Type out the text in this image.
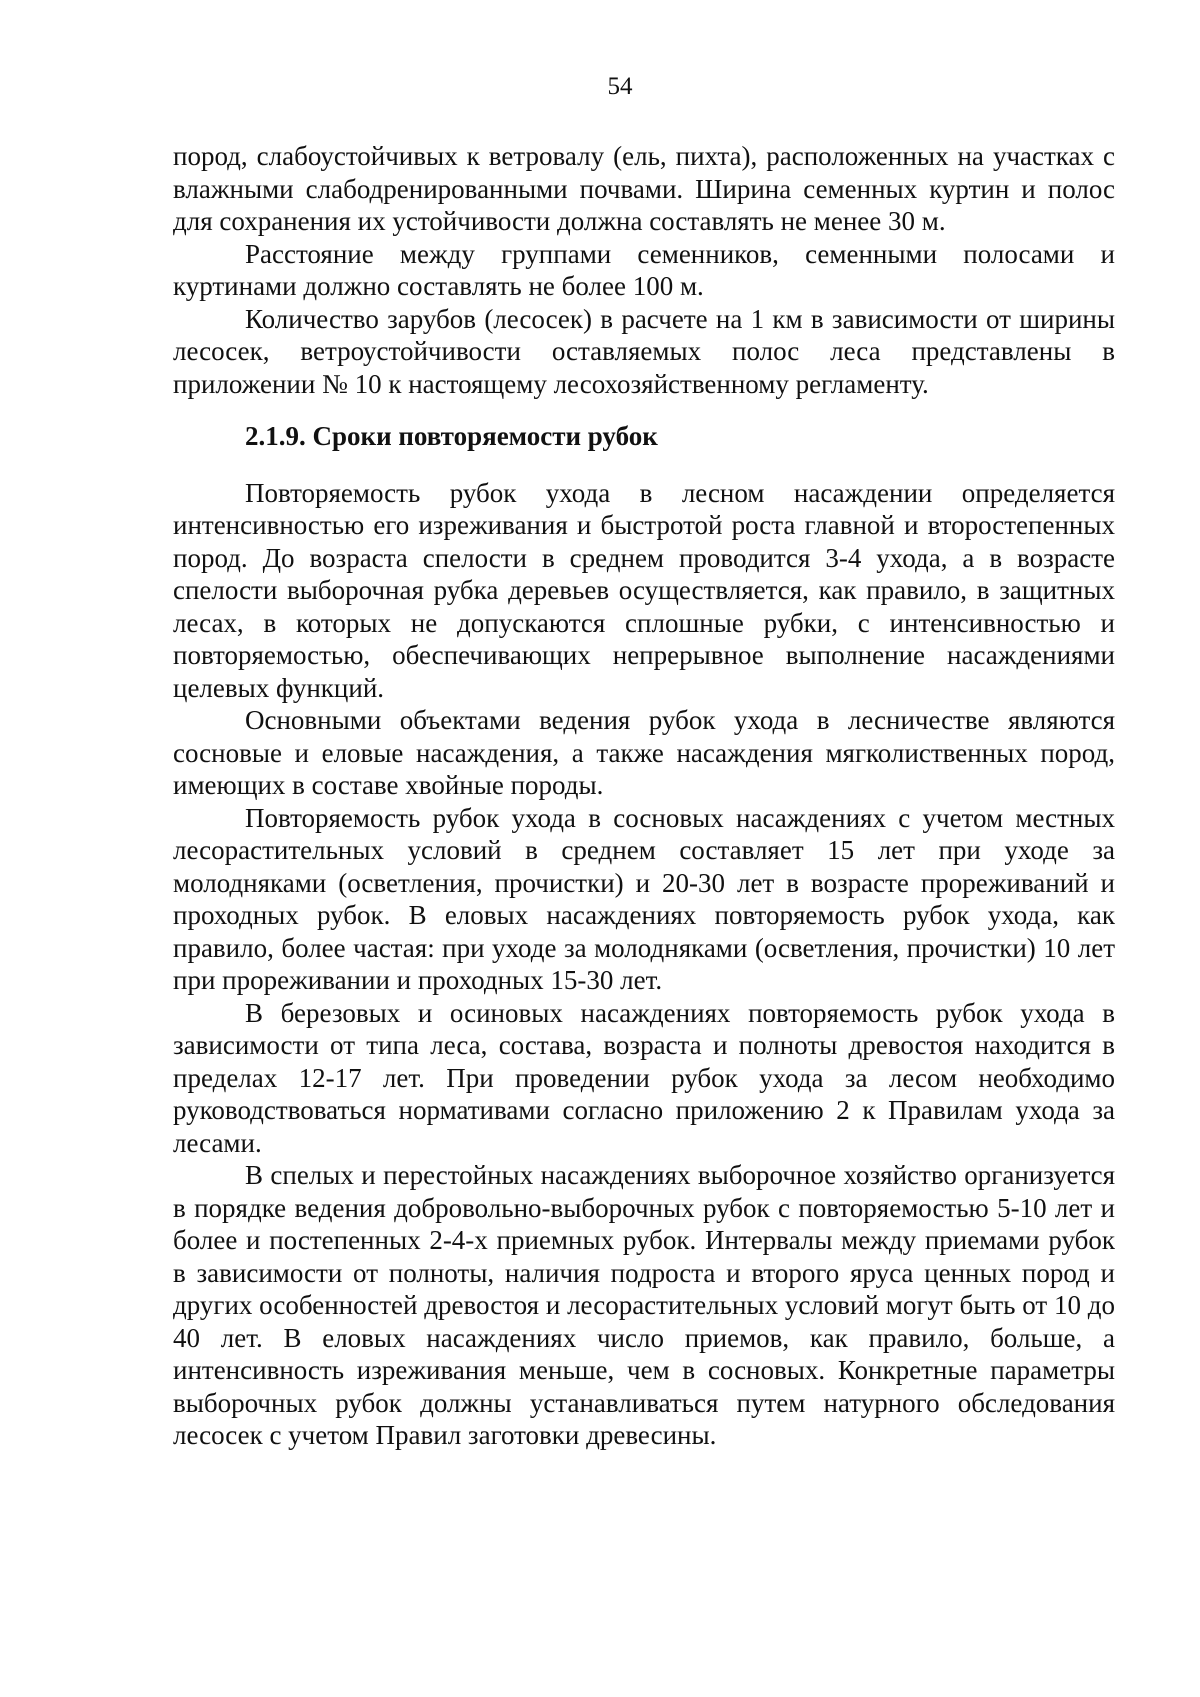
54

пород, слабоустойчивых к ветровалу (ель, пихта), расположенных на участках с влажными слабодренированными почвами. Ширина семенных куртин и полос для сохранения их устойчивости должна составлять не менее 30 м.

Расстояние между группами семенников, семенными полосами и куртинами должно составлять не более 100 м.

Количество зарубов (лесосек) в расчете на 1 км в зависимости от ширины лесосек, ветроустойчивости оставляемых полос леса представлены в приложении № 10 к настоящему лесохозяйственному регламенту.

2.1.9. Сроки повторяемости рубок

Повторяемость рубок ухода в лесном насаждении определяется интенсивностью его изреживания и быстротой роста главной и второстепенных пород. До возраста спелости в среднем проводится 3-4 ухода, а в возрасте спелости выборочная рубка деревьев осуществляется, как правило, в защитных лесах, в которых не допускаются сплошные рубки, с интенсивностью и повторяемостью, обеспечивающих непрерывное выполнение насаждениями целевых функций.

Основными объектами ведения рубок ухода в лесничестве являются сосновые и еловые насаждения, а также насаждения мягколиственных пород, имеющих в составе хвойные породы.

Повторяемость рубок ухода в сосновых насаждениях с учетом местных лесорастительных условий в среднем составляет 15 лет при уходе за молодняками (осветления, прочистки) и 20-30 лет в возрасте прореживаний и проходных рубок. В еловых насаждениях повторяемость рубок ухода, как правило, более частая: при уходе за молодняками (осветления, прочистки) 10 лет при прореживании и проходных 15-30 лет.

В березовых и осиновых насаждениях повторяемость рубок ухода в зависимости от типа леса, состава, возраста и полноты древостоя находится в пределах 12-17 лет. При проведении рубок ухода за лесом необходимо руководствоваться нормативами согласно приложению 2 к Правилам ухода за лесами.

В спелых и перестойных насаждениях выборочное хозяйство организуется в порядке ведения добровольно-выборочных рубок с повторяемостью 5-10 лет и более и постепенных 2-4-х приемных рубок. Интервалы между приемами рубок в зависимости от полноты, наличия подроста и второго яруса ценных пород и других особенностей древостоя и лесорастительных условий могут быть от 10 до 40 лет. В еловых насаждениях число приемов, как правило, больше, а интенсивность изреживания меньше, чем в сосновых. Конкретные параметры выборочных рубок должны устанавливаться путем натурного обследования лесосек с учетом Правил заготовки древесины.
